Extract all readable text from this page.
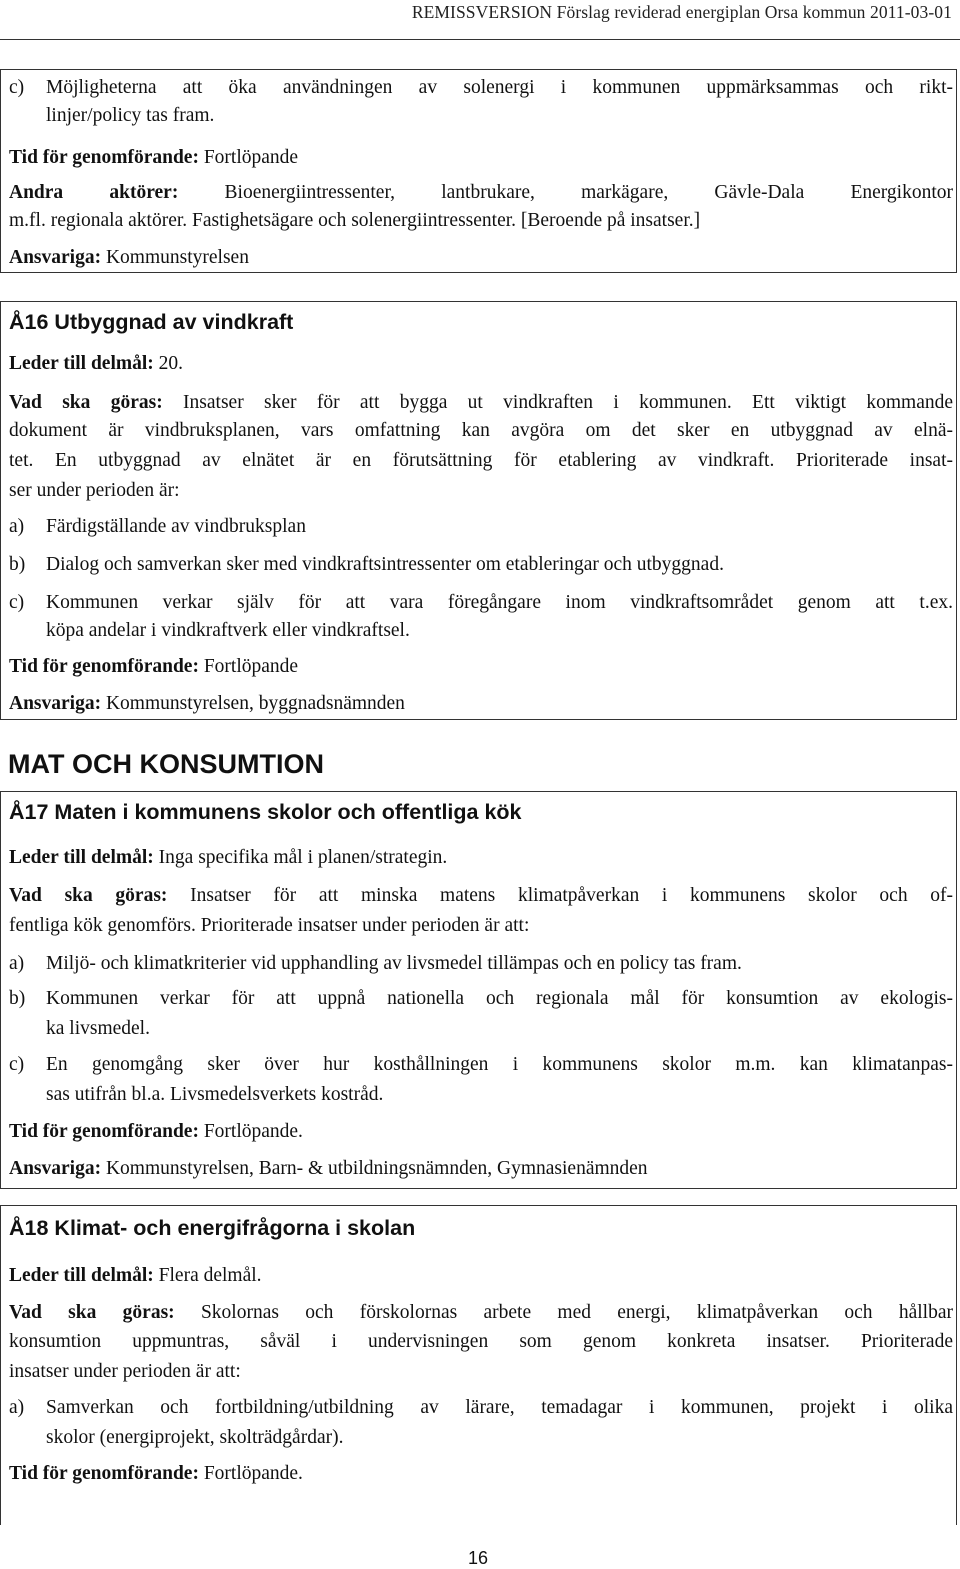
REMISSVERSION Förslag reviderad energiplan Orsa kommun 2011-03-01
c) Möjligheterna att öka användningen av solenergi i kommunen uppmärksammas och rikt-
linjer/policy tas fram.
Tid för genomförande: Fortlöpande
Andra aktörer: Bioenergiintressenter, lantbrukare, markägare, Gävle-Dala Energikontor
m.fl. regionala aktörer. Fastighetsägare och solenergiintressenter. [Beroende på insatser.]
Ansvariga: Kommunstyrelsen
Å16 Utbyggnad av vindkraft
Leder till delmål: 20.
Vad ska göras: Insatser sker för att bygga ut vindkraften i kommunen. Ett viktigt kommande
dokument är vindbruksplanen, vars omfattning kan avgöra om det sker en utbyggnad av elnä-
tet. En utbyggnad av elnätet är en förutsättning för etablering av vindkraft. Prioriterade insat-
ser under perioden är:
a) Färdigställande av vindbruksplan
b) Dialog och samverkan sker med vindkraftsintressenter om etableringar och utbyggnad.
c) Kommunen verkar själv för att vara föregångare inom vindkraftsområdet genom att t.ex.
köpa andelar i vindkraftverk eller vindkraftsel.
Tid för genomförande: Fortlöpande
Ansvariga: Kommunstyrelsen, byggnadsnämnden
MAT OCH KONSUMTION
Å17 Maten i kommunens skolor och offentliga kök
Leder till delmål: Inga specifika mål i planen/strategin.
Vad ska göras: Insatser för att minska matens klimatpåverkan i kommunens skolor och of-
fentliga kök genomförs. Prioriterade insatser under perioden är att:
a) Miljö- och klimatkriterier vid upphandling av livsmedel tillämpas och en policy tas fram.
b) Kommunen verkar för att uppnå nationella och regionala mål för konsumtion av ekologis-
ka livsmedel.
c) En genomgång sker över hur kosthållningen i kommunens skolor m.m. kan klimatanpas-
sas utifrån bl.a. Livsmedelsverkets kostråd.
Tid för genomförande: Fortlöpande.
Ansvariga: Kommunstyrelsen, Barn- & utbildningsnämnden, Gymnasienämnden
Å18 Klimat- och energifrågorna i skolan
Leder till delmål: Flera delmål.
Vad ska göras: Skolornas och förskolornas arbete med energi, klimatpåverkan och hållbar
konsumtion uppmuntras, såväl i undervisningen som genom konkreta insatser. Prioriterade
insatser under perioden är att:
a) Samverkan och fortbildning/utbildning av lärare, temadagar i kommunen, projekt i olika
skolor (energiprojekt, skolträdgårdar).
Tid för genomförande: Fortlöpande.
16
